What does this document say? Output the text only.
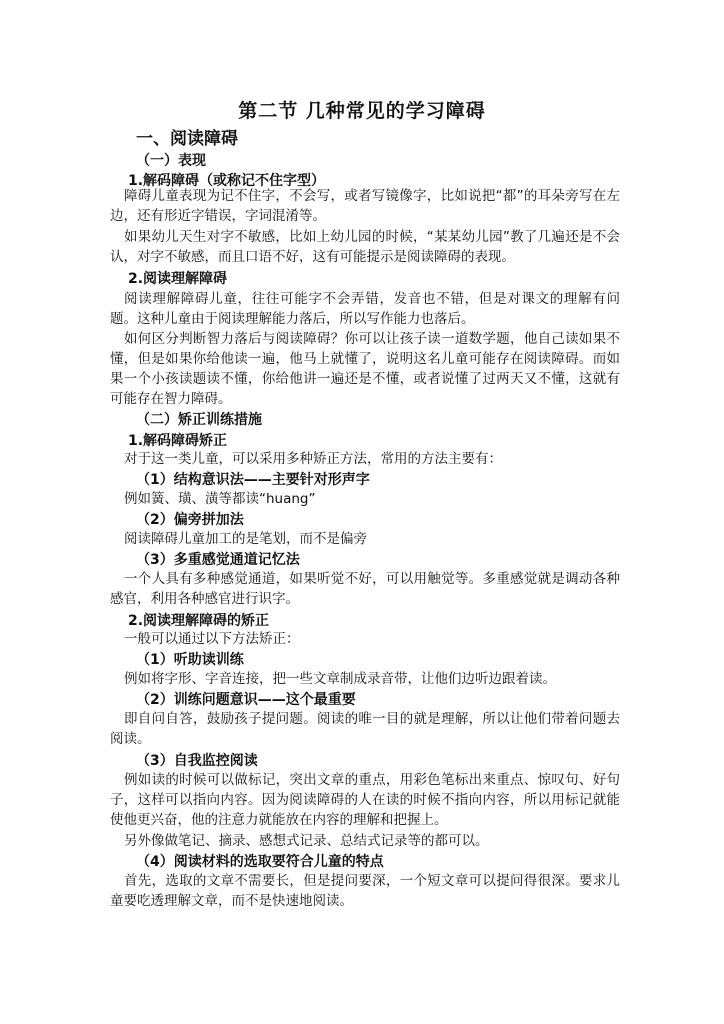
第二节 几种常见的学习障碍
一、阅读障碍
（一）表现
1.解码障碍（或称记不住字型）
障碍儿童表现为记不住字，不会写，或者写镜像字，比如说把“都”的耳朵旁写在左边，还有形近字错误，字词混淆等。
如果幼儿天生对字不敏感，比如上幼儿园的时候，“某某幼儿园”教了几遍还是不会认，对字不敏感，而且口语不好，这有可能提示是阅读障碍的表现。
2.阅读理解障碍
阅读理解障碍儿童，往往可能字不会弄错，发音也不错，但是对课文的理解有问题。这种儿童由于阅读理解能力落后，所以写作能力也落后。
如何区分判断智力落后与阅读障碍？你可以让孩子读一道数学题，他自己读如果不懂，但是如果你给他读一遍，他马上就懂了，说明这名儿童可能存在阅读障碍。而如果一个小孩读题读不懂，你给他讲一遍还是不懂，或者说懂了过两天又不懂，这就有可能存在智力障碍。
（二）矫正训练措施
1.解码障碍矫正
对于这一类儿童，可以采用多种矫正方法，常用的方法主要有：
（1）结构意识法——主要针对形声字
例如簧、璜、潢等都读“huang”
（2）偏旁拼加法
阅读障碍儿童加工的是笔划，而不是偏旁
（3）多重感觉通道记忆法
一个人具有多种感觉通道，如果听觉不好，可以用触觉等。多重感觉就是调动各种感官，利用各种感官进行识字。
2.阅读理解障碍的矫正
一般可以通过以下方法矫正：
（1）听助读训练
例如将字形、字音连接，把一些文章制成录音带，让他们边听边跟着读。
（2）训练问题意识——这个最重要
即自问自答，鼓励孩子提问题。阅读的唯一目的就是理解，所以让他们带着问题去阅读。
（3）自我监控阅读
例如读的时候可以做标记，突出文章的重点，用彩色笔标出来重点、惊叹句、好句子，这样可以指向内容。因为阅读障碍的人在读的时候不指向内容，所以用标记就能使他更兴奋，他的注意力就能放在内容的理解和把握上。
另外像做笔记、摘录、感想式记录、总结式记录等的都可以。
（4）阅读材料的选取要符合儿童的特点
首先，选取的文章不需要长，但是提问要深，一个短文章可以提问得很深。要求儿童要吃透理解文章，而不是快速地阅读。
